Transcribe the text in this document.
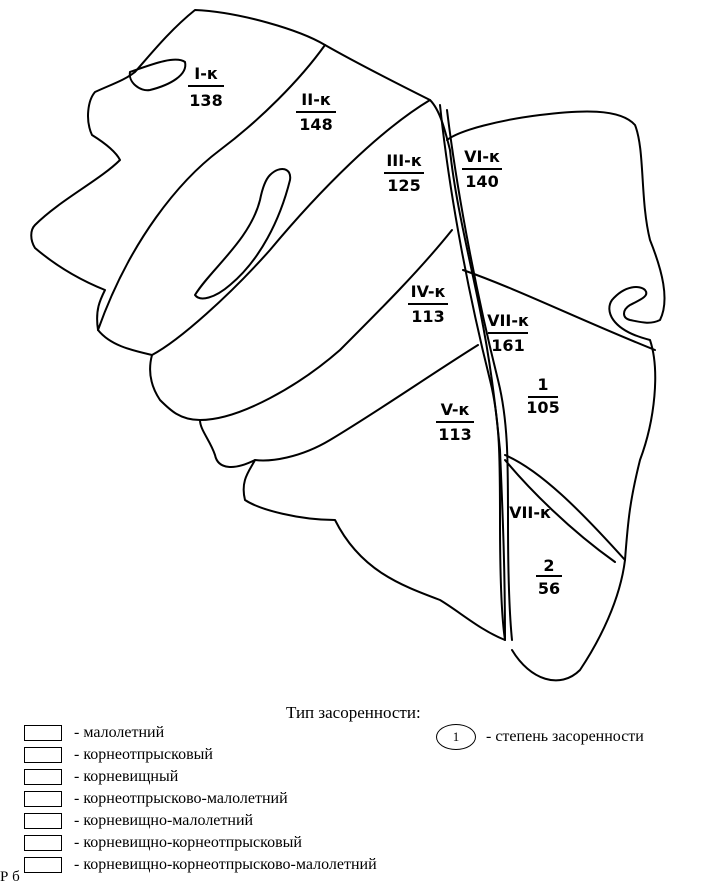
I-к
138	II-к
148
III-к
125
VI-к
140
IV-к
113	VII-к
161
1
105
V-к
113
VII-к
2
56
Тип засоренности:
1 - степень засоренности
- малолетний
- корнеотпрысковый
- корневищный
- корнеотпрысково-малолетний
- корневищно-малолетний
- корневищно-корнеотпрысковый
- корневищно-корнеотпрысково-малолетний
Р б
